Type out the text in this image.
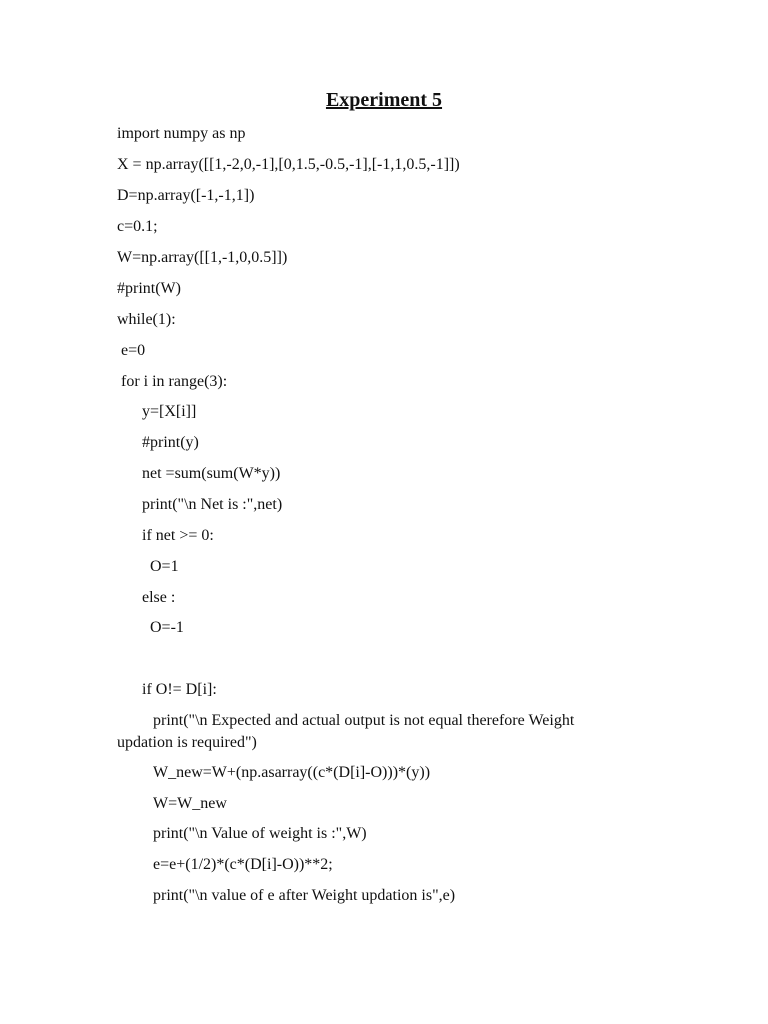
Experiment 5
import numpy as np
X = np.array([[1,-2,0,-1],[0,1.5,-0.5,-1],[-1,1,0.5,-1]])
D=np.array([-1,-1,1])
c=0.1;
W=np.array([[1,-1,0,0.5]])
#print(W)
while(1):
e=0
for i in range(3):
y=[X[i]]
#print(y)
net =sum(sum(W*y))
print("\n Net is :",net)
if net >= 0:
O=1
else :
O=-1
if O!= D[i]:
print("\n Expected and actual output is not equal therefore Weight updation is required")
W_new=W+(np.asarray((c*(D[i]-O)))*(y))
W=W_new
print("\n Value of weight is :",W)
e=e+(1/2)*(c*(D[i]-O))**2;
print("\n value of e after Weight updation is",e)
